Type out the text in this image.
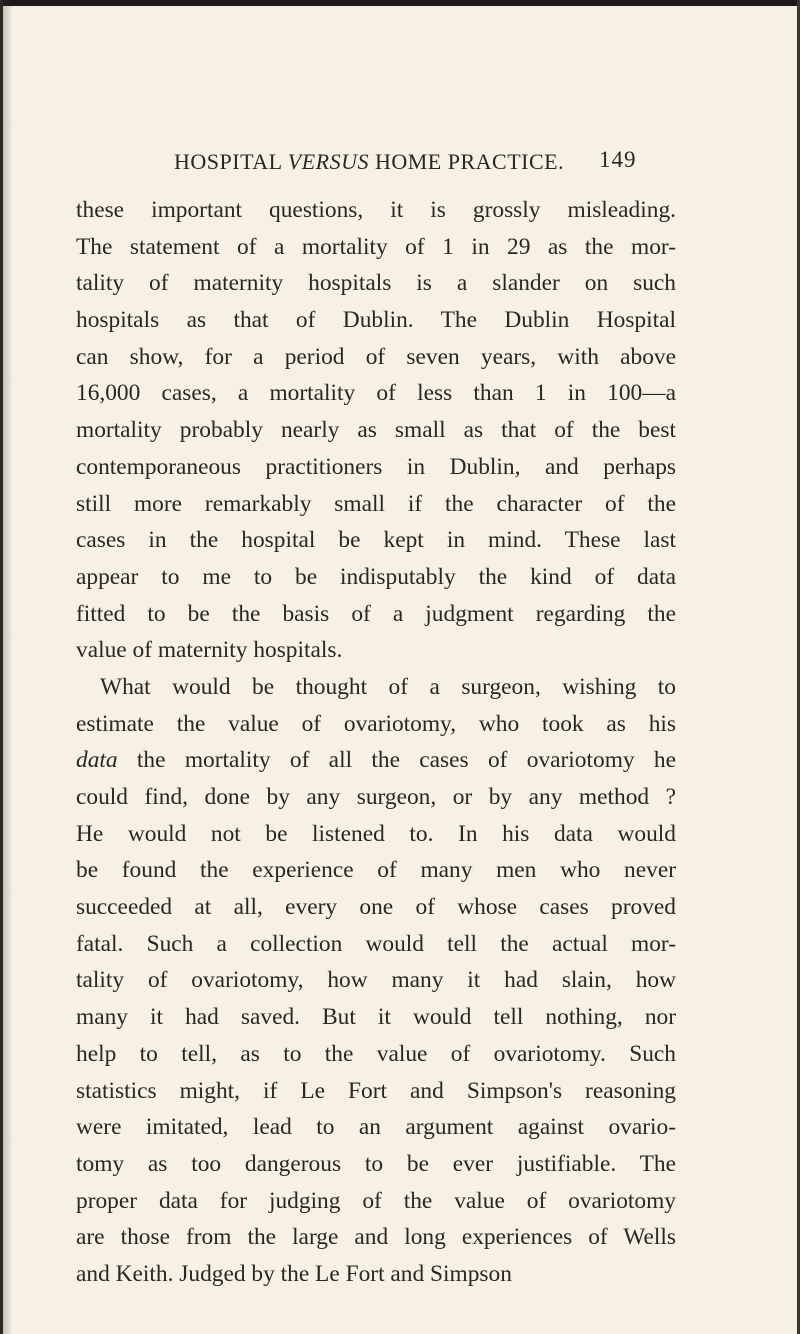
HOSPITAL VERSUS HOME PRACTICE. 149
these important questions, it is grossly misleading.
The statement of a mortality of 1 in 29 as the mor-
tality of maternity hospitals is a slander on such
hospitals as that of Dublin. The Dublin Hospital
can show, for a period of seven years, with above
16,000 cases, a mortality of less than 1 in 100—a
mortality probably nearly as small as that of the best
contemporaneous practitioners in Dublin, and perhaps
still more remarkably small if the character of the
cases in the hospital be kept in mind. These last
appear to me to be indisputably the kind of data
fitted to be the basis of a judgment regarding the
value of maternity hospitals.
What would be thought of a surgeon, wishing to
estimate the value of ovariotomy, who took as his
data the mortality of all the cases of ovariotomy he
could find, done by any surgeon, or by any method ?
He would not be listened to. In his data would
be found the experience of many men who never
succeeded at all, every one of whose cases proved
fatal. Such a collection would tell the actual mor-
tality of ovariotomy, how many it had slain, how
many it had saved. But it would tell nothing, nor
help to tell, as to the value of ovariotomy. Such
statistics might, if Le Fort and Simpson's reasoning
were imitated, lead to an argument against ovario-
tomy as too dangerous to be ever justifiable. The
proper data for judging of the value of ovariotomy
are those from the large and long experiences of Wells
and Keith. Judged by the Le Fort and Simpson
